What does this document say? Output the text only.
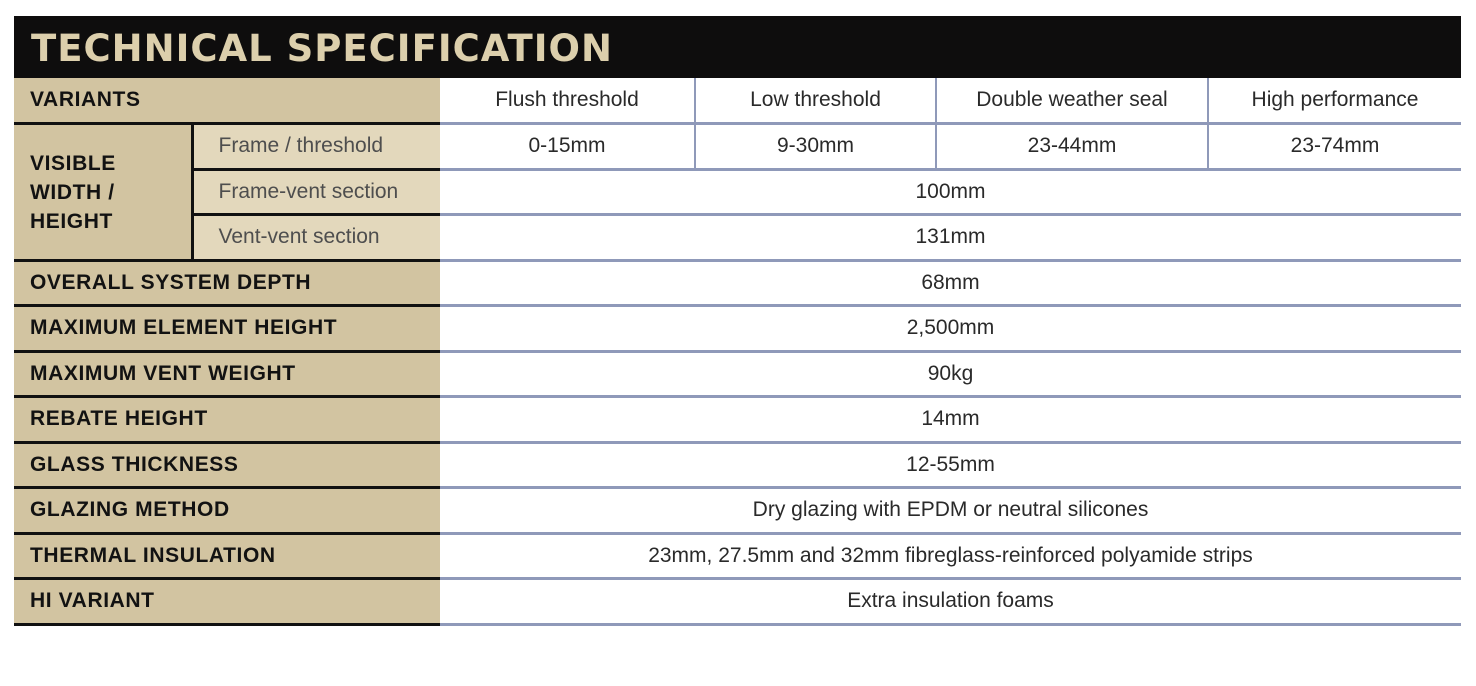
TECHNICAL SPECIFICATION
VARIANTS		Flush threshold	Low threshold	Double weather seal	High performance
VISIBLE WIDTH / HEIGHT	Frame / threshold	0-15mm	9-30mm	23-44mm	23-74mm
	Frame-vent section	100mm			
	Vent-vent section	131mm			
OVERALL SYSTEM DEPTH		68mm			
MAXIMUM ELEMENT HEIGHT		2,500mm			
MAXIMUM VENT WEIGHT		90kg			
REBATE HEIGHT		14mm			
GLASS THICKNESS		12-55mm			
GLAZING METHOD		Dry glazing with EPDM or neutral silicones			
THERMAL INSULATION		23mm, 27.5mm and 32mm fibreglass-reinforced polyamide strips			
HI VARIANT		Extra insulation foams			
